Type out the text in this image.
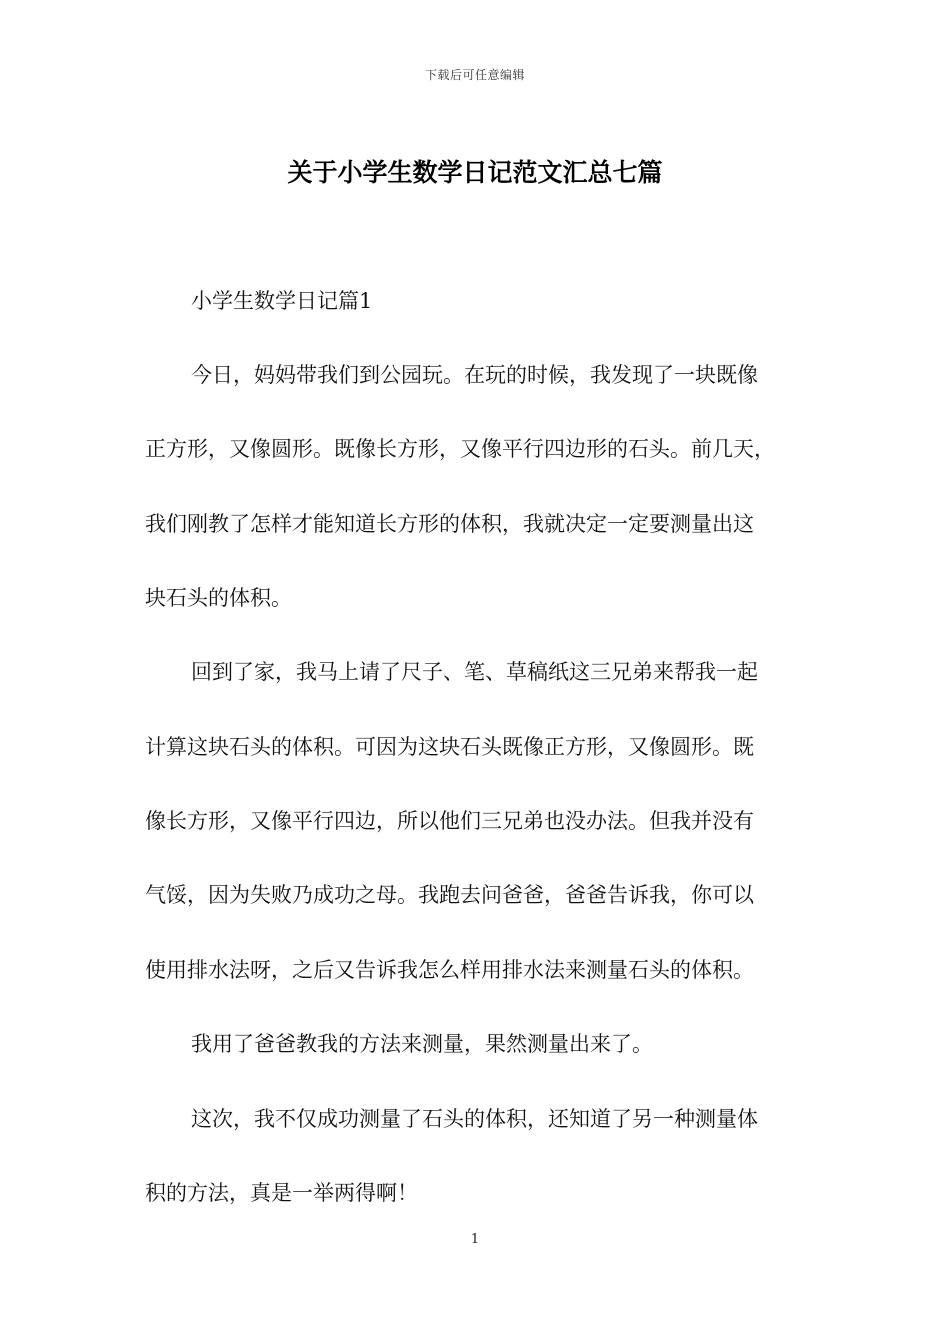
下载后可任意编辑
关于小学生数学日记范文汇总七篇
小学生数学日记篇1
今日，妈妈带我们到公园玩。在玩的时候，我发现了一块既像
正方形，又像圆形。既像长方形，又像平行四边形的石头。前几天，
我们刚教了怎样才能知道长方形的体积，我就决定一定要测量出这
块石头的体积。
回到了家，我马上请了尺子、笔、草稿纸这三兄弟来帮我一起
计算这块石头的体积。可因为这块石头既像正方形，又像圆形。既
像长方形，又像平行四边，所以他们三兄弟也没办法。但我并没有
气馁，因为失败乃成功之母。我跑去问爸爸，爸爸告诉我，你可以
使用排水法呀，之后又告诉我怎么样用排水法来测量石头的体积。
我用了爸爸教我的方法来测量，果然测量出来了。
这次，我不仅成功测量了石头的体积，还知道了另一种测量体
积的方法，真是一举两得啊！
1
